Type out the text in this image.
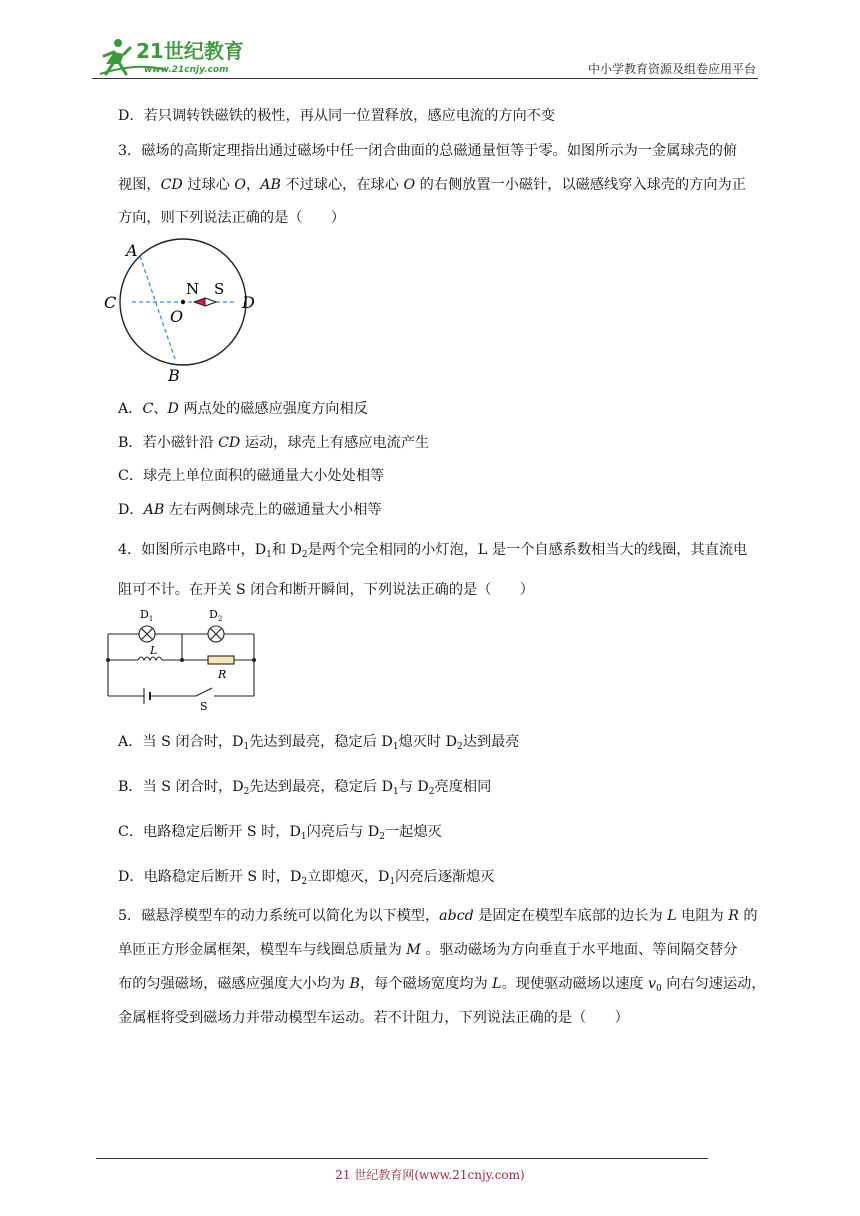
21世纪教育
www.21cnjy.com	中小学教育资源及组卷应用平台
D．若只调转铁磁铁的极性，再从同一位置释放，感应电流的方向不变
3．磁场的高斯定理指出通过磁场中任一闭合曲面的总磁通量恒等于零。如图所示为一金属球壳的俯
视图，CD 过球心 O，AB 不过球心，在球心 O 的右侧放置一小磁针，以磁感线穿入球壳的方向为正
方向，则下列说法正确的是（　　）
A
C	D
B
O
N S
A．C、D 两点处的磁感应强度方向相反
B．若小磁针沿 CD 运动，球壳上有感应电流产生
C．球壳上单位面积的磁通量大小处处相等
D．AB 左右两侧球壳上的磁通量大小相等
4．如图所示电路中，$D_1$和 $D_2$是两个完全相同的小灯泡，L 是一个自感系数相当大的线圈，其直流电
阻可不计。在开关 S 闭合和断开瞬间，下列说法正确的是（　　）
$D_1$	$D_2$
L
R
S
A．当 S 闭合时，$D_1$先达到最亮，稳定后 $D_1$熄灭时 $D_2$达到最亮
B．当 S 闭合时，$D_2$先达到最亮，稳定后 $D_1$与 $D_2$亮度相同
C．电路稳定后断开 S 时，$D_1$闪亮后与 $D_2$一起熄灭
D．电路稳定后断开 S 时，$D_2$立即熄灭，$D_1$闪亮后逐渐熄灭
5．磁悬浮模型车的动力系统可以简化为以下模型，abcd 是固定在模型车底部的边长为 L 电阻为 R 的
单匝正方形金属框架，模型车与线圈总质量为 M 。驱动磁场为方向垂直于水平地面、等间隔交替分
布的匀强磁场，磁感应强度大小均为 B，每个磁场宽度均为 L。现使驱动磁场以速度 $v_0$ 向右匀速运动，
金属框将受到磁场力并带动模型车运动。若不计阻力，下列说法正确的是（　　）
21 世纪教育网(www.21cnjy.com)
